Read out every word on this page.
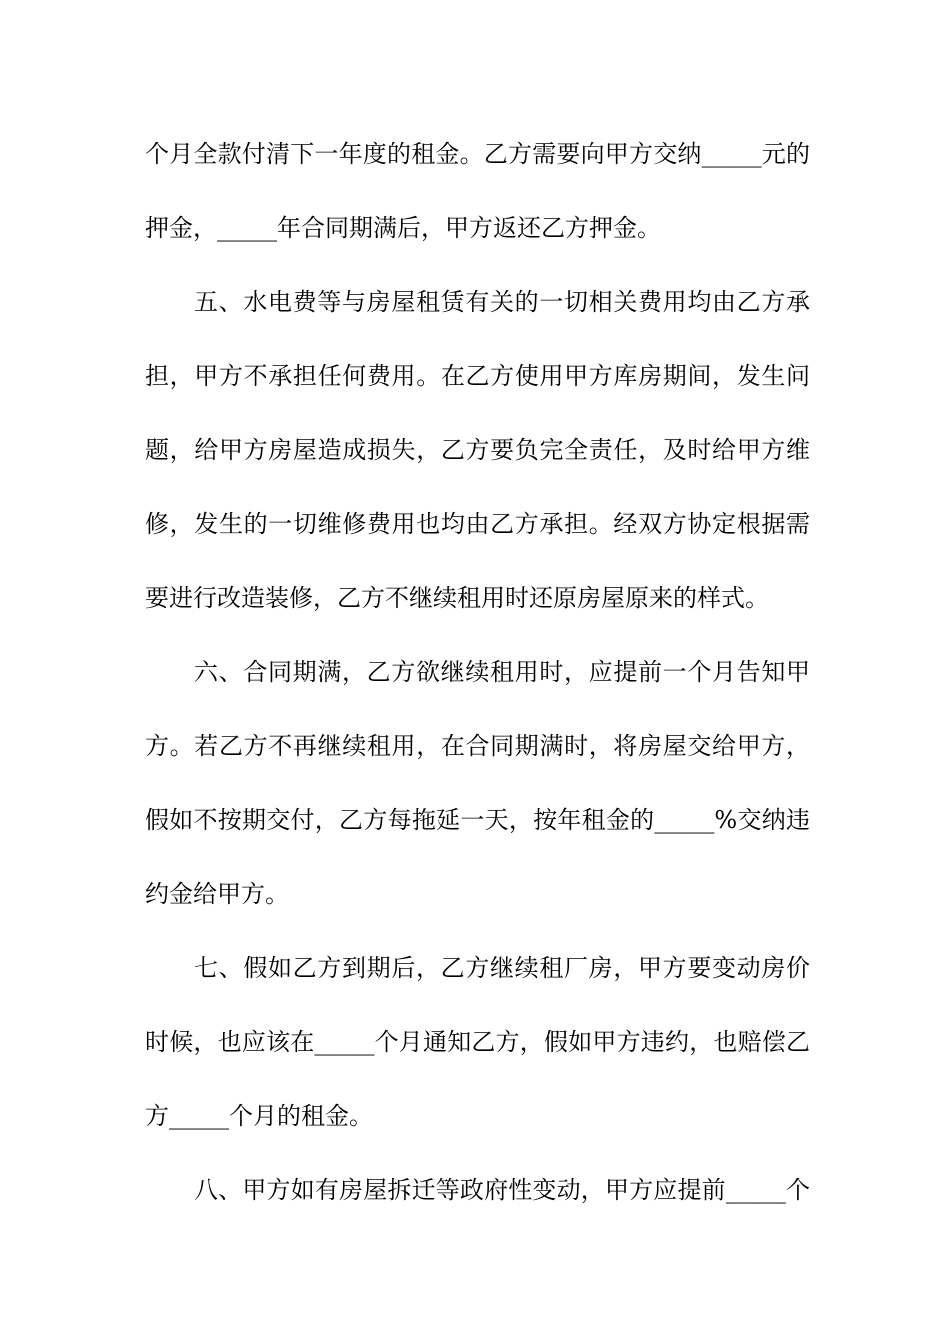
个月全款付清下一年度的租金。乙方需要向甲方交纳_____元的
押金，_____年合同期满后，甲方返还乙方押金。
五、水电费等与房屋租赁有关的一切相关费用均由乙方承
担，甲方不承担任何费用。在乙方使用甲方库房期间，发生问
题，给甲方房屋造成损失，乙方要负完全责任，及时给甲方维
修，发生的一切维修费用也均由乙方承担。经双方协定根据需
要进行改造装修，乙方不继续租用时还原房屋原来的样式。
六、合同期满，乙方欲继续租用时，应提前一个月告知甲
方。若乙方不再继续租用，在合同期满时，将房屋交给甲方，
假如不按期交付，乙方每拖延一天，按年租金的_____%交纳违
约金给甲方。
七、假如乙方到期后，乙方继续租厂房，甲方要变动房价
时候，也应该在_____个月通知乙方，假如甲方违约，也赔偿乙
方_____个月的租金。
八、甲方如有房屋拆迁等政府性变动，甲方应提前_____个
